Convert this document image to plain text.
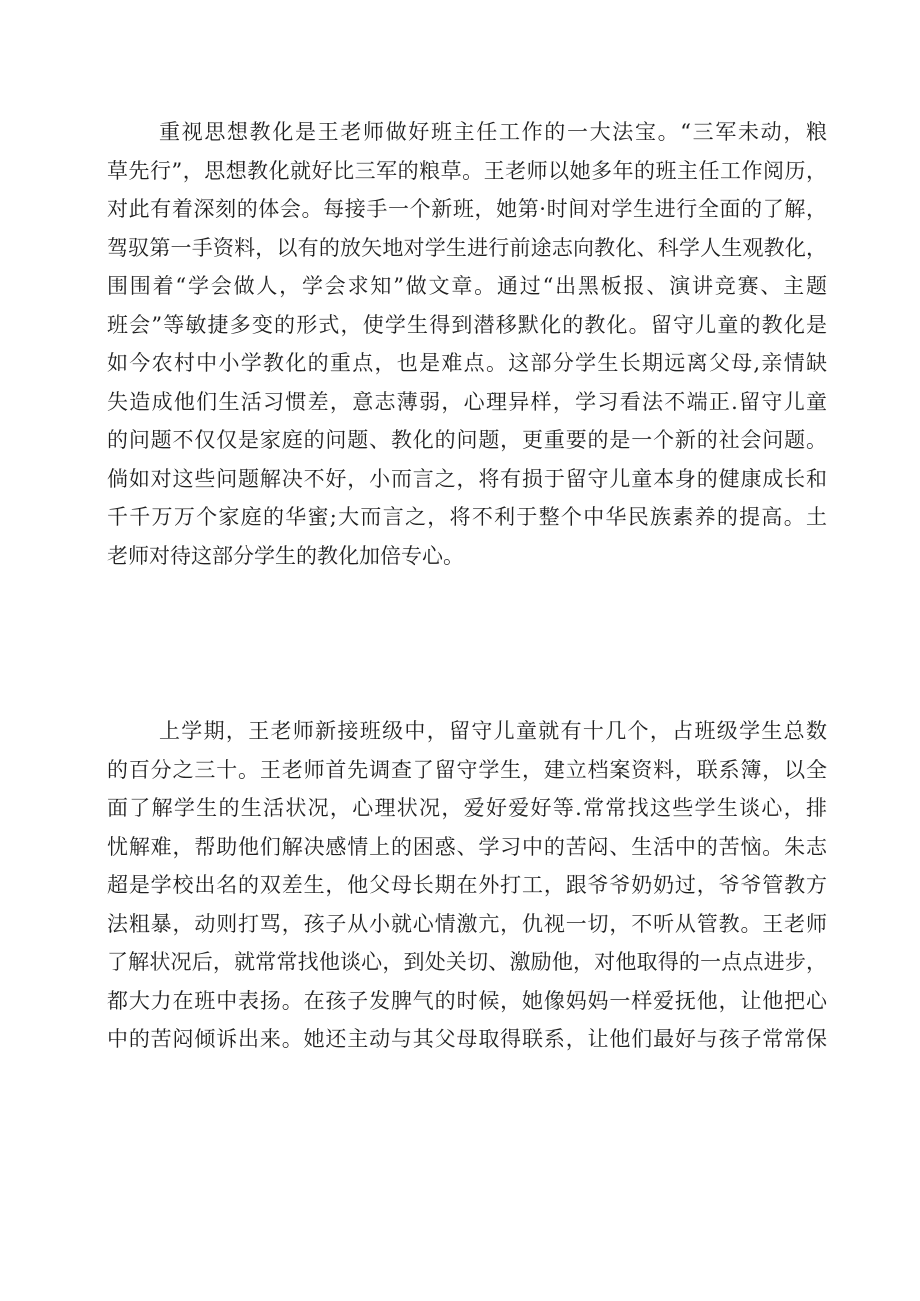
重视思想教化是王老师做好班主任工作的一大法宝。“三军未动，粮
草先行”，思想教化就好比三军的粮草。王老师以她多年的班主任工作阅历，
对此有着深刻的体会。每接手一个新班，她第·时间对学生进行全面的了解，
驾驭第一手资料，以有的放矢地对学生进行前途志向教化、科学人生观教化，
围围着“学会做人，学会求知”做文章。通过“出黑板报、演讲竞赛、主题
班会”等敏捷多变的形式，使学生得到潜移默化的教化。留守儿童的教化是
如今农村中小学教化的重点，也是难点。这部分学生长期远离父母,亲情缺
失造成他们生活习惯差，意志薄弱，心理异样，学习看法不端正.留守儿童
的问题不仅仅是家庭的问题、教化的问题，更重要的是一个新的社会问题。
倘如对这些问题解决不好，小而言之，将有损于留守儿童本身的健康成长和
千千万万个家庭的华蜜;大而言之，将不利于整个中华民族素养的提高。土
老师对待这部分学生的教化加倍专心。
上学期，王老师新接班级中，留守儿童就有十几个，占班级学生总数
的百分之三十。王老师首先调查了留守学生，建立档案资料，联系簿，以全
面了解学生的生活状况，心理状况，爱好爱好等.常常找这些学生谈心，排
忧解难，帮助他们解决感情上的困惑、学习中的苦闷、生活中的苦恼。朱志
超是学校出名的双差生，他父母长期在外打工，跟爷爷奶奶过，爷爷管教方
法粗暴，动则打骂，孩子从小就心情激亢，仇视一切，不听从管教。王老师
了解状况后，就常常找他谈心，到处关切、激励他，对他取得的一点点进步，
都大力在班中表扬。在孩子发脾气的时候，她像妈妈一样爱抚他，让他把心
中的苦闷倾诉出来。她还主动与其父母取得联系，让他们最好与孩子常常保
